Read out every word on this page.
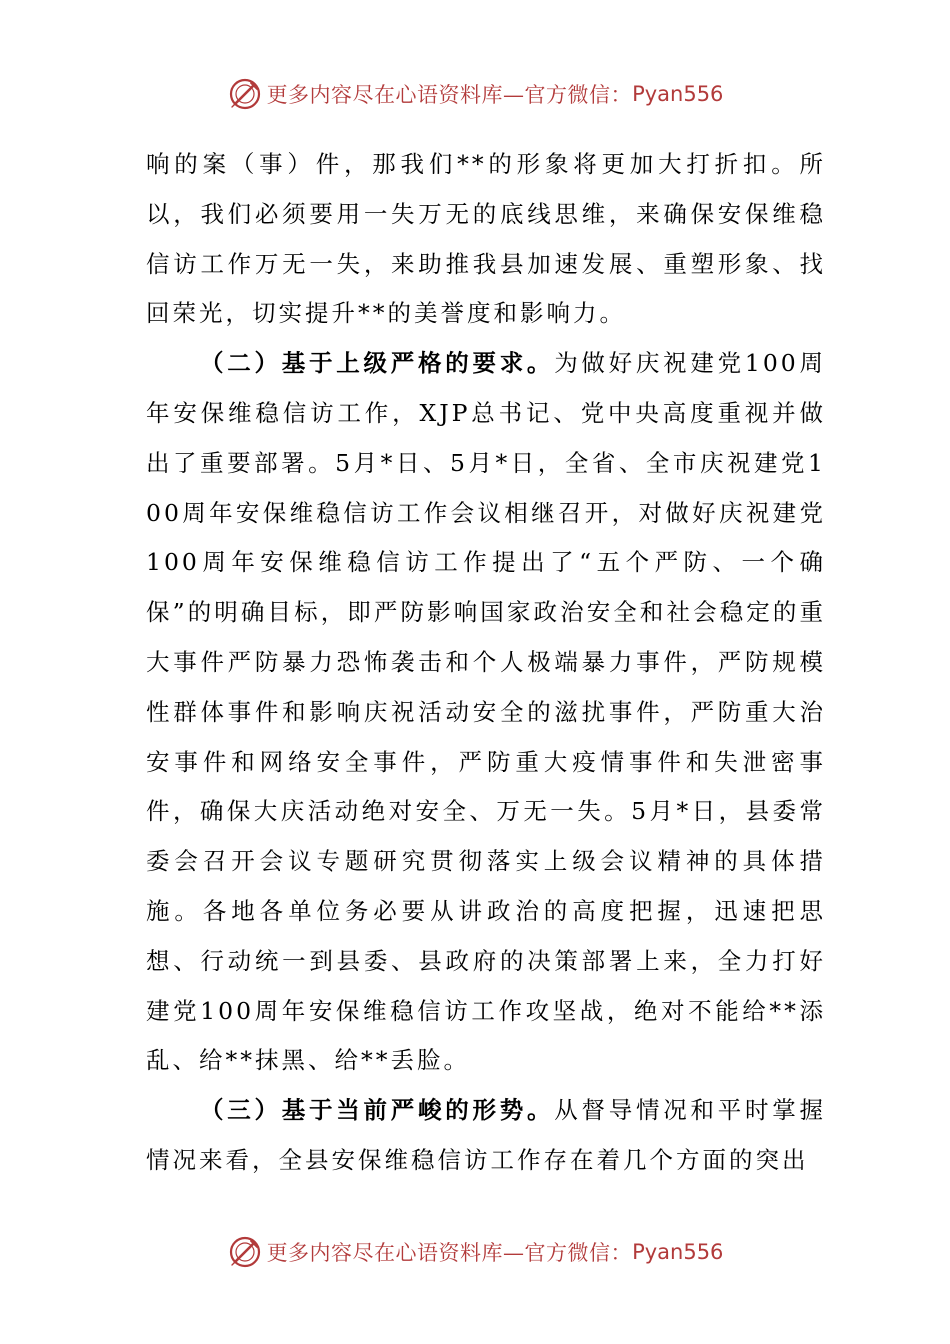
更多内容尽在心语资料库—官方微信： Pyan556

响的案（事）件，那我们**的形象将更加大打折扣。所以，我们必须要用一失万无的底线思维，来确保安保维稳信访工作万无一失，来助推我县加速发展、重塑形象、找回荣光，切实提升**的美誉度和影响力。

（二）基于上级严格的要求。为做好庆祝建党100周年安保维稳信访工作，XJP总书记、党中央高度重视并做出了重要部署。5月*日、5月*日，全省、全市庆祝建党100周年安保维稳信访工作会议相继召开，对做好庆祝建党100周年安保维稳信访工作提出了“五个严防、一个确保”的明确目标，即严防影响国家政治安全和社会稳定的重大事件严防暴力恐怖袭击和个人极端暴力事件，严防规模性群体事件和影响庆祝活动安全的滋扰事件，严防重大治安事件和网络安全事件，严防重大疫情事件和失泄密事件，确保大庆活动绝对安全、万无一失。5月*日，县委常委会召开会议专题研究贯彻落实上级会议精神的具体措施。各地各单位务必要从讲政治的高度把握，迅速把思想、行动统一到县委、县政府的决策部署上来，全力打好建党100周年安保维稳信访工作攻坚战，绝对不能给**添乱、给**抹黑、给**丢脸。

（三）基于当前严峻的形势。从督导情况和平时掌握情况来看，全县安保维稳信访工作存在着几个方面的突出

更多内容尽在心语资料库—官方微信： Pyan556
